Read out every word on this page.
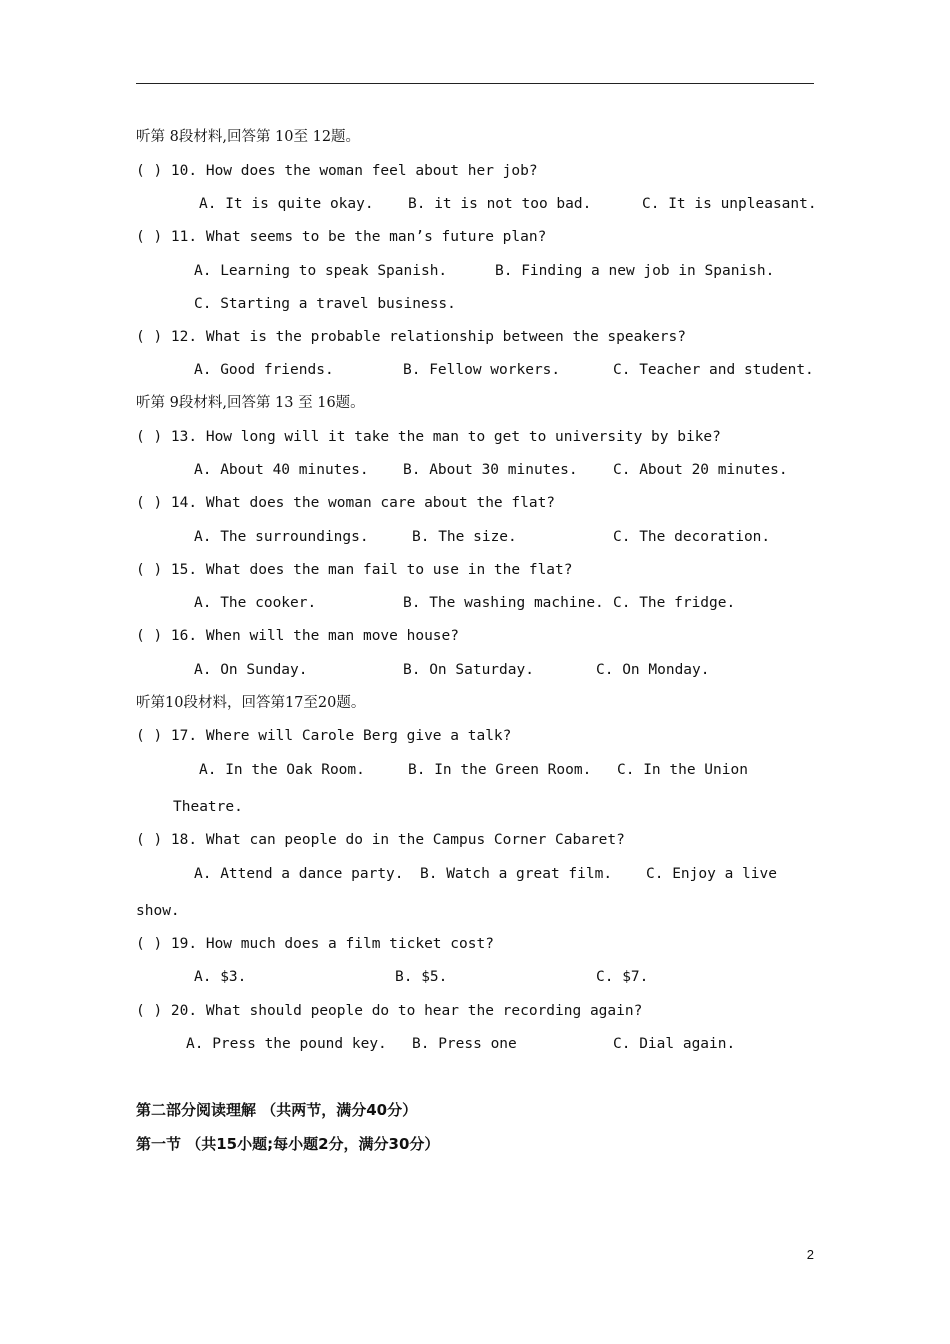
听第 8段材料,回答第 10至 12题。
( ) 10. How does the woman feel about her job?
A. It is quite okay. B. it is not too bad.	C. It is unpleasant.
( ) 11. What seems to be the man’s future plan?
A. Learning to speak Spanish.	B. Finding a new job in Spanish.
C. Starting a travel business.
( ) 12. What is the probable relationship between the speakers?
A. Good friends.	B. Fellow workers.	C. Teacher and student.
听第 9段材料,回答第 13 至 16题。
( ) 13. How long will it take the man to get to university by bike?
A. About 40 minutes. B. About 30 minutes. C. About 20 minutes.
( ) 14. What does the woman care about the flat?
A. The surroundings.	B. The size.	C. The decoration.
( ) 15. What does the man fail to use in the flat?
A. The cooker.	B. The washing machine. C. The fridge.
( ) 16. When will the man move house?
A. On Sunday.	B. On Saturday.	C. On Monday.
听第10段材料，回答第17至20题。
( ) 17. Where will Carole Berg give a talk?
A. In the Oak Room.	B. In the Green Room. C. In the Union
Theatre.
( ) 18. What can people do in the Campus Corner Cabaret?
A. Attend a dance party. B. Watch a great film. C. Enjoy a live
show.
( ) 19. How much does a film ticket cost?
A. $3.	B. $5.	C. $7.
( ) 20. What should people do to hear the recording again?
A. Press the pound key. B. Press one	C. Dial again.
第二部分阅读理解 （共两节，满分40分）
第一节 （共15小题;每小题2分，满分30分）
2
